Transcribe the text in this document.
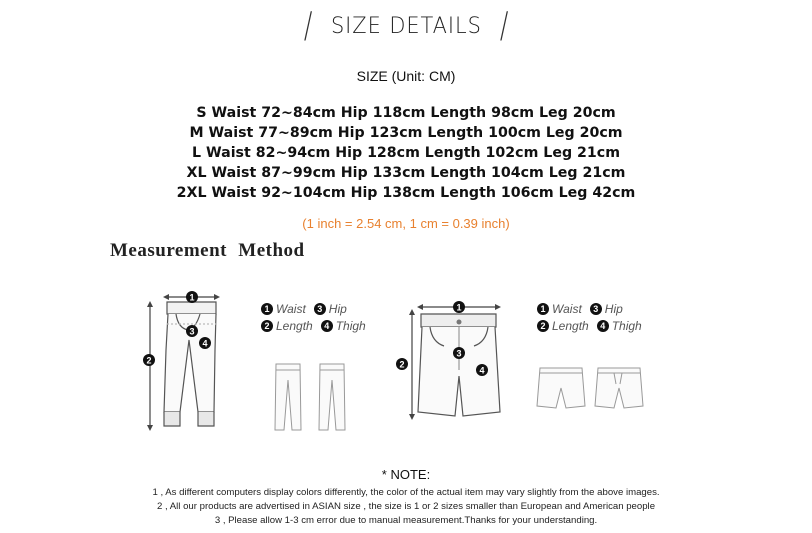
/ SIZE DETAILS /
SIZE (Unit: CM)
S Waist 72~84cm Hip 118cm Length 98cm Leg 20cm
M Waist 77~89cm Hip 123cm Length 100cm Leg 20cm
L Waist 82~94cm Hip 128cm Length 102cm Leg 21cm
XL Waist 87~99cm Hip 133cm Length 104cm Leg 21cm
2XL Waist 92~104cm Hip 138cm Length 106cm Leg 42cm
(1 inch = 2.54 cm, 1 cm = 0.39 inch)
Measurement Method
1
2
3
4
1
2
3
4
1 Waist	3 Hip
2 Length	4 Thigh
1 Waist	3 Hip
2 Length	4 Thigh
* NOTE:
1 , As different computers display colors differently, the color of the actual item may vary slightly from the above images.
2 , All our products are advertised in ASIAN size , the size is 1 or 2 sizes smaller than European and American people
3 , Please allow 1-3 cm error due to manual measurement.Thanks for your understanding.
